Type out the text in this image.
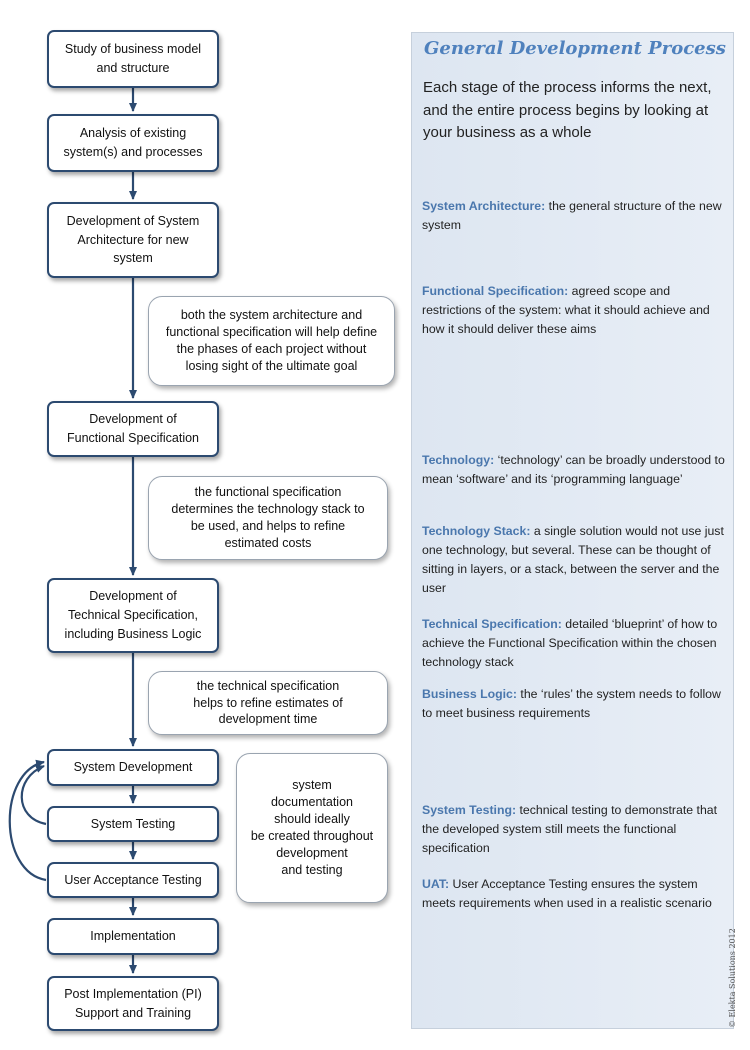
Study of business model
and structure
Analysis of existing
system(s) and processes
Development of System
Architecture for new
system
Development of
Functional Specification
Development of
Technical Specification,
including Business Logic
System Development
System Testing
User Acceptance Testing
Implementation
Post Implementation (PI)
Support and Training
both the system architecture and
functional specification will help define
the phases of each project without
losing sight of the ultimate goal
the functional specification
determines the technology stack to
be used, and helps to refine
estimated costs
the technical specification
helps to refine estimates of
development time
system
documentation
should ideally
be created throughout
development
and testing
General Development Process
Each stage of the process informs the next, and the entire process begins by looking at your business as a whole
System Architecture: the general structure of the new system
Functional Specification: agreed scope and restrictions of the system: what it should achieve and how it should deliver these aims
Technology: ‘technology’ can be broadly understood to mean ‘software’ and its ‘programming language’
Technology Stack: a single solution would not use just one technology, but several. These can be thought of sitting in layers, or a stack, between the server and the user
Technical Specification: detailed ‘blueprint’ of how to achieve the Functional Specification within the chosen technology stack
Business Logic: the ‘rules’ the system needs to follow to meet business requirements
System Testing: technical testing to demonstrate that the developed system still meets the functional specification
UAT: User Acceptance Testing ensures the system meets requirements when used in a realistic scenario
© Elekta Solutions 2012
